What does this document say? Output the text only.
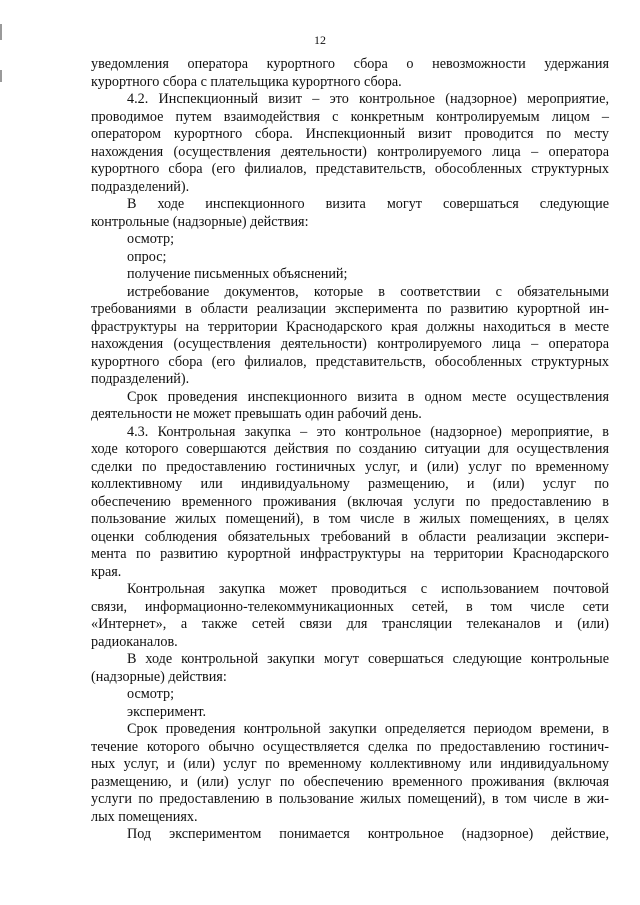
12
уведомления оператора курортного сбора о невозможности удержания
курортного сбора с плательщика курортного сбора.
4.2. Инспекционный визит – это контрольное (надзорное) мероприятие,
проводимое путем взаимодействия с конкретным контролируемым лицом –
оператором курортного сбора. Инспекционный визит проводится по месту
нахождения (осуществления деятельности) контролируемого лица – оператора
курортного сбора (его филиалов, представительств, обособленных структурных
подразделений).
В ходе инспекционного визита могут совершаться следующие
контрольные (надзорные) действия:
осмотр;
опрос;
получение письменных объяснений;
истребование документов, которые в соответствии с обязательными
требованиями в области реализации эксперимента по развитию курортной ин-
фраструктуры на территории Краснодарского края должны находиться в месте
нахождения (осуществления деятельности) контролируемого лица – оператора
курортного сбора (его филиалов, представительств, обособленных структурных
подразделений).
Срок проведения инспекционного визита в одном месте осуществления
деятельности не может превышать один рабочий день.
4.3. Контрольная закупка – это контрольное (надзорное) мероприятие, в
ходе которого совершаются действия по созданию ситуации для осуществления
сделки по предоставлению гостиничных услуг, и (или) услуг по временному
коллективному или индивидуальному размещению, и (или) услуг по
обеспечению временного проживания (включая услуги по предоставлению в
пользование жилых помещений), в том числе в жилых помещениях, в целях
оценки соблюдения обязательных требований в области реализации экспери-
мента по развитию курортной инфраструктуры на территории Краснодарского
края.
Контрольная закупка может проводиться с использованием почтовой
связи, информационно-телекоммуникационных сетей, в том числе сети
«Интернет», а также сетей связи для трансляции телеканалов и (или)
радиоканалов.
В ходе контрольной закупки могут совершаться следующие контрольные
(надзорные) действия:
осмотр;
эксперимент.
Срок проведения контрольной закупки определяется периодом времени, в
течение которого обычно осуществляется сделка по предоставлению гостинич-
ных услуг, и (или) услуг по временному коллективному или индивидуальному
размещению, и (или) услуг по обеспечению временного проживания (включая
услуги по предоставлению в пользование жилых помещений), в том числе в жи-
лых помещениях.
Под экспериментом понимается контрольное (надзорное) действие,
